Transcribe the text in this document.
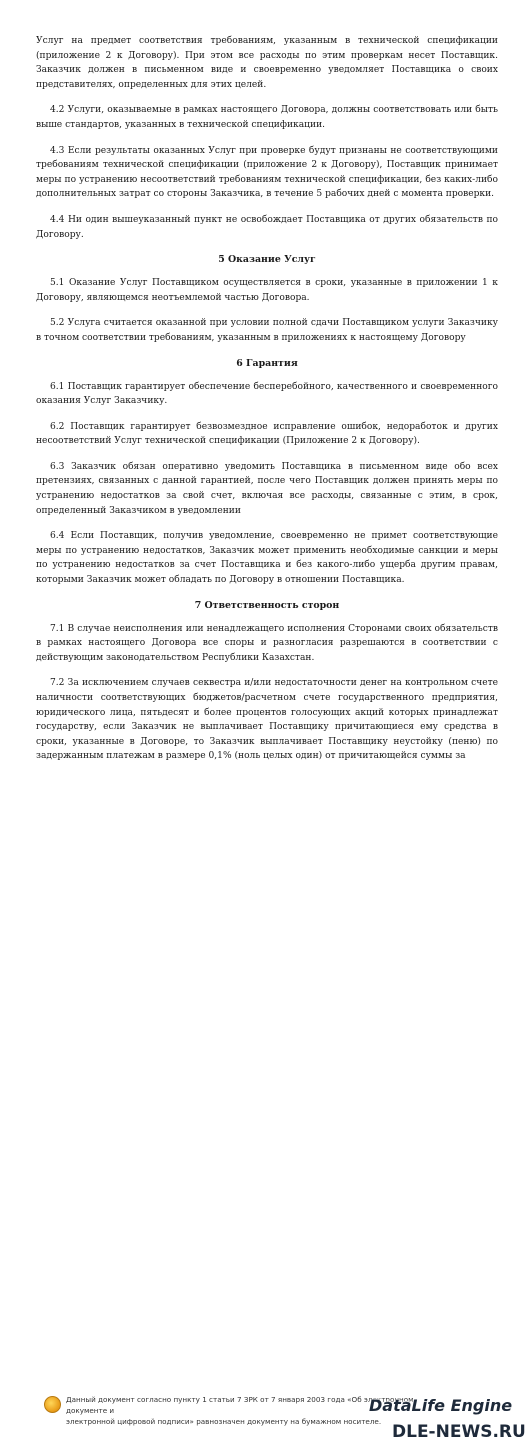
Услуг на предмет соответствия требованиям, указанным в технической спецификации (приложение 2 к Договору). При этом все расходы по этим проверкам несет Поставщик. Заказчик должен в письменном виде и своевременно уведомляет Поставщика о своих представителях, определенных для этих целей.

4.2 Услуги, оказываемые в рамках настоящего Договора, должны соответствовать или быть выше стандартов, указанных в технической спецификации.

4.3 Если результаты оказанных Услуг при проверке будут признаны не соответствующими требованиям технической спецификации (приложение 2 к Договору), Поставщик принимает меры по устранению несоответствий требованиям технической спецификации, без каких-либо дополнительных затрат со стороны Заказчика, в течение 5 рабочих дней с момента проверки.

4.4 Ни один вышеуказанный пункт не освобождает Поставщика от других обязательств по Договору.

5 Оказание Услуг

5.1 Оказание Услуг Поставщиком осуществляется в сроки, указанные в приложении 1 к Договору, являющемся неотъемлемой частью Договора.

5.2 Услуга считается оказанной при условии полной сдачи Поставщиком услуги Заказчику в точном соответствии требованиям, указанным в приложениях к настоящему Договору

6 Гарантия

6.1 Поставщик гарантирует обеспечение бесперебойного, качественного и своевременного оказания Услуг Заказчику.

6.2 Поставщик гарантирует безвозмездное исправление ошибок, недоработок и других несоответствий Услуг технической спецификации (Приложение 2 к Договору).

6.3 Заказчик обязан оперативно уведомить Поставщика в письменном виде обо всех претензиях, связанных с данной гарантией, после чего Поставщик должен принять меры по устранению недостатков за свой счет, включая все расходы, связанные с этим, в срок, определенный Заказчиком в уведомлении

6.4 Если Поставщик, получив уведомление, своевременно не примет соответствующие меры по устранению недостатков, Заказчик может применить необходимые санкции и меры по устранению недостатков за счет Поставщика и без какого-либо ущерба другим правам, которыми Заказчик может обладать по Договору в отношении Поставщика.

7 Ответственность сторон

7.1 В случае неисполнения или ненадлежащего исполнения Сторонами своих обязательств в рамках настоящего Договора все споры и разногласия разрешаются в соответствии с действующим законодательством Республики Казахстан.

7.2 За исключением случаев секвестра и/или недостаточности денег на контрольном счете наличности соответствующих бюджетов/расчетном счете государственного предприятия, юридического лица, пятьдесят и более процентов голосующих акций которых принадлежат государству, если Заказчик не выплачивает Поставщику причитающиеся ему средства в сроки, указанные в Договоре, то Заказчик выплачивает Поставщику неустойку (пеню) по задержанным платежам в размере 0,1% (ноль целых один) от причитающейся суммы за

Данный документ согласно пункту 1 статьи 7 ЗРК от 7 января 2003 года «Об электронном документе и
электронной цифровой подписи» равнозначен документу на бумажном носителе.
DataLife Engine
DLE-NEWS.RU
